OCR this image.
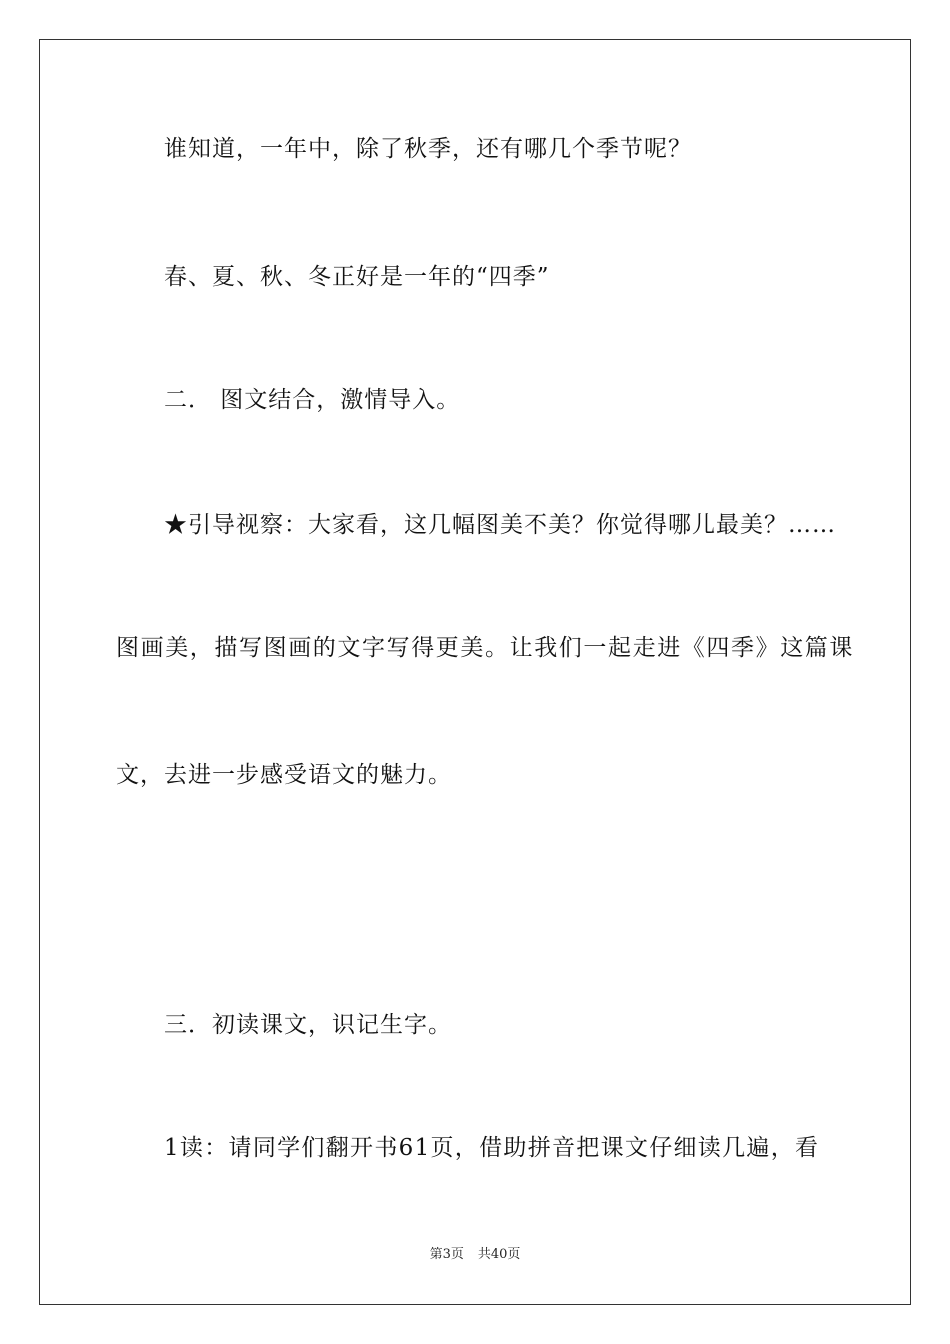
谁知道，一年中，除了秋季，还有哪几个季节呢？
春、夏、秋、冬正好是一年的“四季”
二． 图文结合，激情导入。
★引导视察：大家看，这几幅图美不美？你觉得哪儿最美？……
图画美，描写图画的文字写得更美。让我们一起走进《四季》这篇课
文，去进一步感受语文的魅力。
三．初读课文，识记生字。
1读：请同学们翻开书61页，借助拼音把课文仔细读几遍，看
第3页 共40页
